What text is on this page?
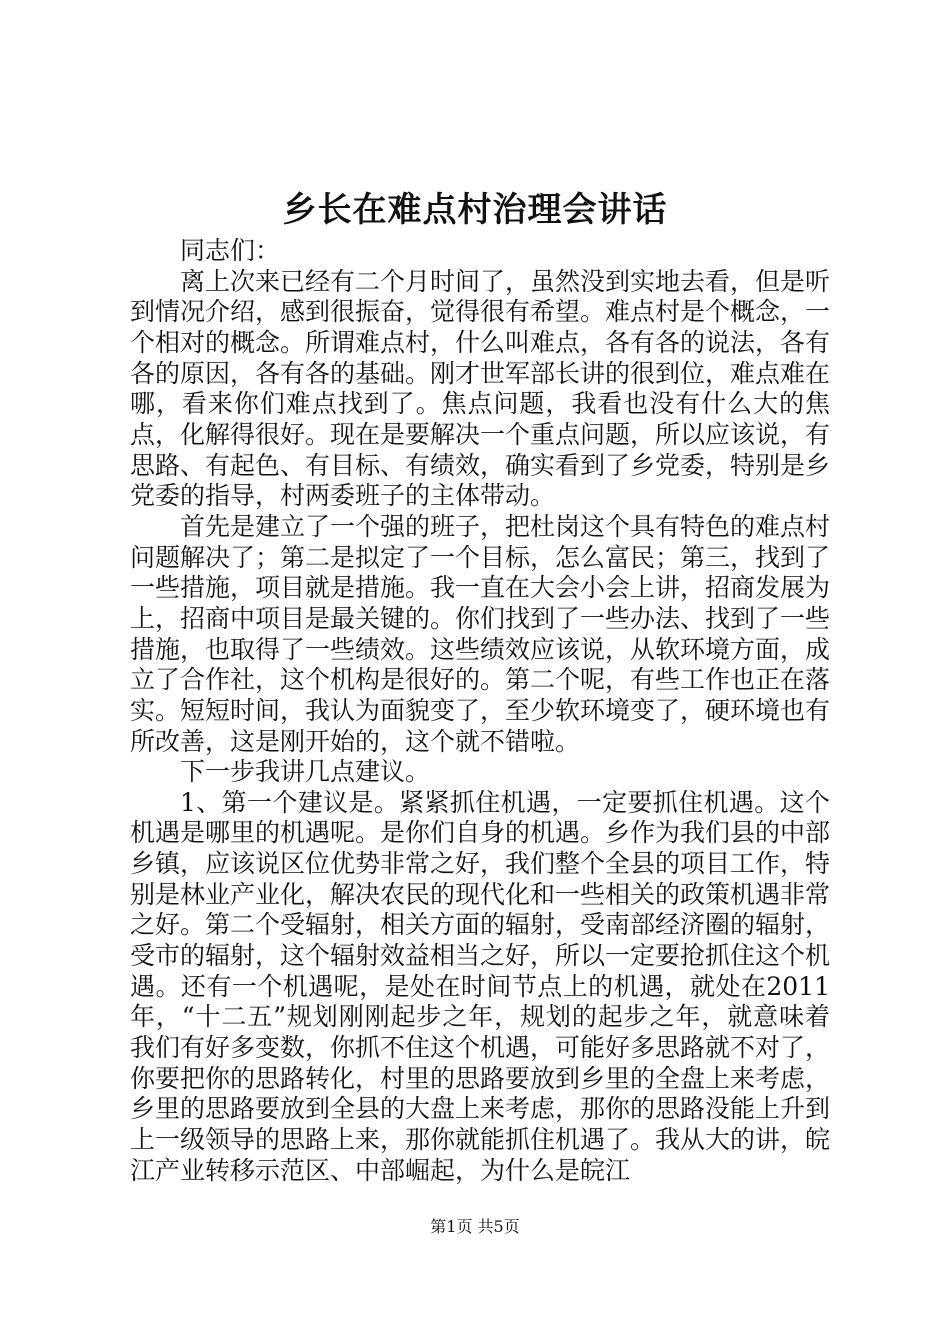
乡长在难点村治理会讲话

同志们：

离上次来已经有二个月时间了，虽然没到实地去看，但是听到情况介绍，感到很振奋，觉得很有希望。难点村是个概念，一个相对的概念。所谓难点村，什么叫难点，各有各的说法，各有各的原因，各有各的基础。刚才世军部长讲的很到位，难点难在哪，看来你们难点找到了。焦点问题，我看也没有什么大的焦点，化解得很好。现在是要解决一个重点问题，所以应该说，有思路、有起色、有目标、有绩效，确实看到了乡党委，特别是乡党委的指导，村两委班子的主体带动。

首先是建立了一个强的班子，把杜岗这个具有特色的难点村问题解决了；第二是拟定了一个目标，怎么富民；第三，找到了一些措施，项目就是措施。我一直在大会小会上讲，招商发展为上，招商中项目是最关键的。你们找到了一些办法、找到了一些措施，也取得了一些绩效。这些绩效应该说，从软环境方面，成立了合作社，这个机构是很好的。第二个呢，有些工作也正在落实。短短时间，我认为面貌变了，至少软环境变了，硬环境也有所改善，这是刚开始的，这个就不错啦。

下一步我讲几点建议。

1、第一个建议是。紧紧抓住机遇，一定要抓住机遇。这个机遇是哪里的机遇呢。是你们自身的机遇。乡作为我们县的中部乡镇，应该说区位优势非常之好，我们整个全县的项目工作，特别是林业产业化，解决农民的现代化和一些相关的政策机遇非常之好。第二个受辐射，相关方面的辐射，受南部经济圈的辐射，受市的辐射，这个辐射效益相当之好，所以一定要抢抓住这个机遇。还有一个机遇呢，是处在时间节点上的机遇，就处在2011年，“十二五”规划刚刚起步之年，规划的起步之年，就意味着我们有好多变数，你抓不住这个机遇，可能好多思路就不对了，你要把你的思路转化，村里的思路要放到乡里的全盘上来考虑，乡里的思路要放到全县的大盘上来考虑，那你的思路没能上升到上一级领导的思路上来，那你就能抓住机遇了。我从大的讲，皖江产业转移示范区、中部崛起，为什么是皖江

第1页 共5页
